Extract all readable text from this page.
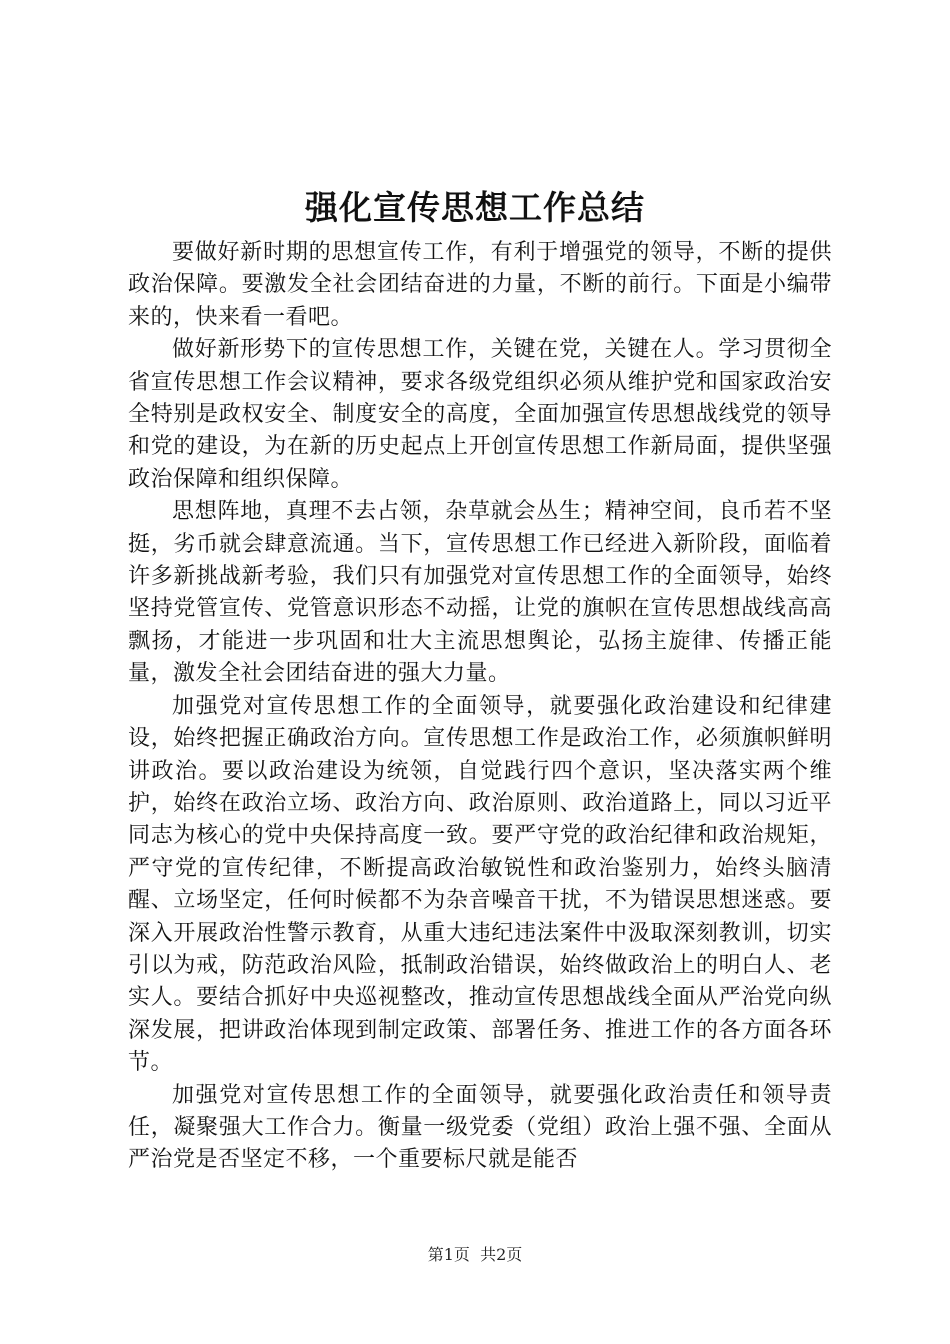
强化宣传思想工作总结

要做好新时期的思想宣传工作，有利于增强党的领导，不断的提供政治保障。要激发全社会团结奋进的力量，不断的前行。下面是小编带来的，快来看一看吧。

做好新形势下的宣传思想工作，关键在党，关键在人。学习贯彻全省宣传思想工作会议精神，要求各级党组织必须从维护党和国家政治安全特别是政权安全、制度安全的高度，全面加强宣传思想战线党的领导和党的建设，为在新的历史起点上开创宣传思想工作新局面，提供坚强政治保障和组织保障。

思想阵地，真理不去占领，杂草就会丛生；精神空间，良币若不坚挺，劣币就会肆意流通。当下，宣传思想工作已经进入新阶段，面临着许多新挑战新考验，我们只有加强党对宣传思想工作的全面领导，始终坚持党管宣传、党管意识形态不动摇，让党的旗帜在宣传思想战线高高飘扬，才能进一步巩固和壮大主流思想舆论，弘扬主旋律、传播正能量，激发全社会团结奋进的强大力量。

加强党对宣传思想工作的全面领导，就要强化政治建设和纪律建设，始终把握正确政治方向。宣传思想工作是政治工作，必须旗帜鲜明讲政治。要以政治建设为统领，自觉践行四个意识，坚决落实两个维护，始终在政治立场、政治方向、政治原则、政治道路上，同以习近平同志为核心的党中央保持高度一致。要严守党的政治纪律和政治规矩，严守党的宣传纪律，不断提高政治敏锐性和政治鉴别力，始终头脑清醒、立场坚定，任何时候都不为杂音噪音干扰，不为错误思想迷惑。要深入开展政治性警示教育，从重大违纪违法案件中汲取深刻教训，切实引以为戒，防范政治风险，抵制政治错误，始终做政治上的明白人、老实人。要结合抓好中央巡视整改，推动宣传思想战线全面从严治党向纵深发展，把讲政治体现到制定政策、部署任务、推进工作的各方面各环节。

加强党对宣传思想工作的全面领导，就要强化政治责任和领导责任，凝聚强大工作合力。衡量一级党委（党组）政治上强不强、全面从严治党是否坚定不移，一个重要标尺就是能否

第1页  共2页
